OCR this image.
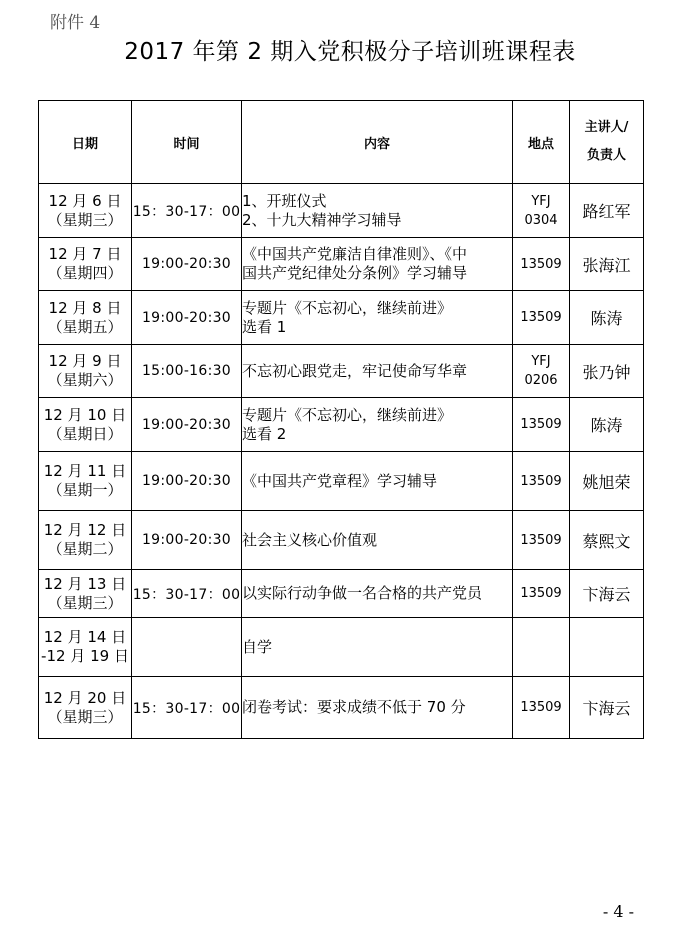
附件 4
2017 年第 2 期入党积极分子培训班课程表
日期	时间	内容	地点	主讲人/
负责人

12 月 6 日
（星期三）	15：30-17：00	1、开班仪式
2、十九大精神学习辅导	YFJ
0304	路红军

12 月 7 日
（星期四）	19:00-20:30	《中国共产党廉洁自律准则》、《中
国共产党纪律处分条例》学习辅导	13509	张海江

12 月 8 日
（星期五）	19:00-20:30	专题片《不忘初心，继续前进》
选看 1	13509	陈涛

12 月 9 日
（星期六）	15:00-16:30	不忘初心跟党走，牢记使命写华章	YFJ
0206	张乃钟

12 月 10 日
（星期日）	19:00-20:30	专题片《不忘初心，继续前进》
选看 2	13509	陈涛

12 月 11 日
（星期一）	19:00-20:30	《中国共产党章程》学习辅导	13509	姚旭荣

12 月 12 日
（星期二）	19:00-20:30	社会主义核心价值观	13509	蔡熙文

12 月 13 日
（星期三）	15：30-17：00	以实际行动争做一名合格的共产党员	13509	卞海云

12 月 14 日
-12 月 19 日		自学		

12 月 20 日
（星期三）	15：30-17：00	闭卷考试：要求成绩不低于 70 分	13509	卞海云
- 4 -
